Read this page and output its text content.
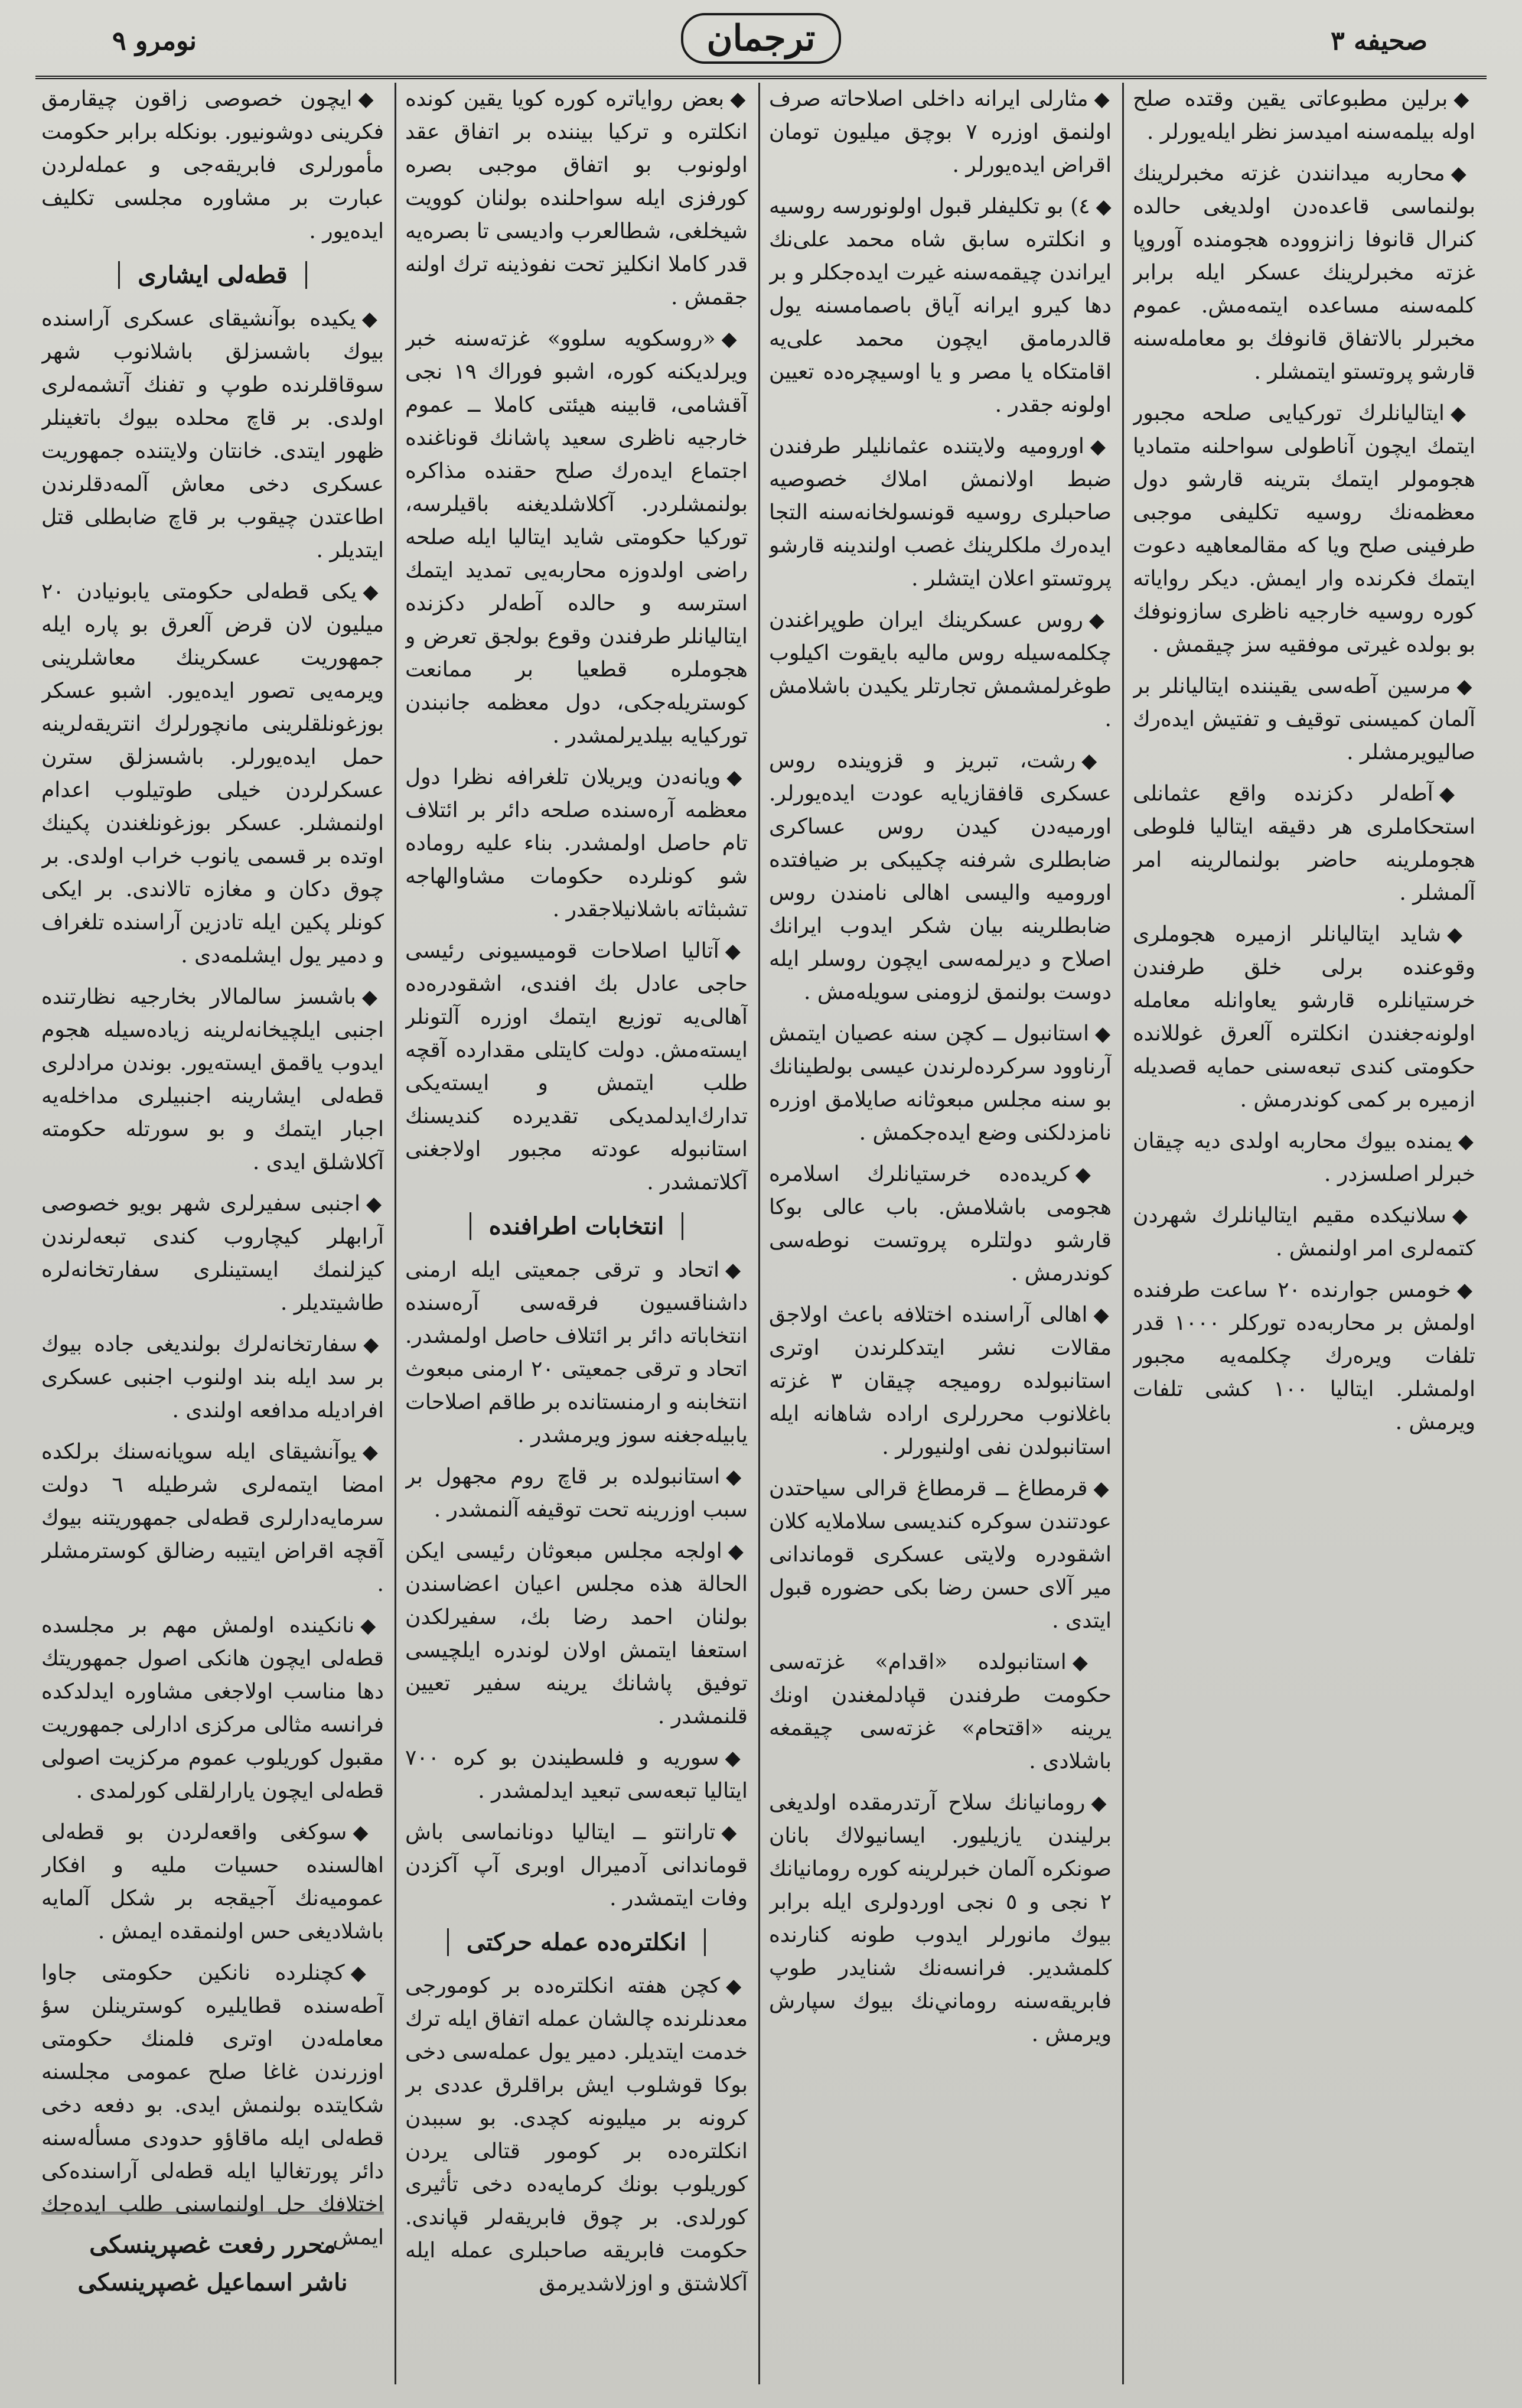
نومرو ٩	ترجمان	صحيفه ٣

◆برلين مطبوعاتی يقين وقتده صلح اوله بيلمه‌سنه اميدسز نظر ايله‌يورلر .

◆محاربه ميدانندن غزته مخبرلرينك بولنماسی قاعده‌دن اولديغی حالده كنرال قانوفا زانزووده هجومنده آوروپا غزته مخبرلرينك عسكر ايله برابر كلمه‌سنه مساعده ايتمه‌مش. عموم مخبرلر بالاتفاق قانوفك بو معامله‌سنه قارشو پروتستو ايتمشلر .

◆ايتاليانلرك توركيايی صلحه مجبور ايتمك ايچون آناطولی سواحلنه متماديا هجومولر ايتمك بترينه قارشو دول معظمه‌نك روسيه تكليفی موجبی طرفينی صلح ويا كه مقالمعاهيه دعوت ايتمك فكرنده وار ايمش. ديكر رواياته كوره روسيه خارجيه ناظری سازونوفك بو بولده غيرتی موفقيه‌ سز چيقمش .

◆مرسين آطه‌سی يقيننده ايتاليانلر بر آلمان كميسنی توقيف و تفتيش ايده‌رك صاليويرمشلر .

◆آطه‌لر دكزنده واقع عثمانلی استحكاملری هر دقيقه ايتاليا فلوطی هجوملرينه حاضر بولنمالرينه امر آلمشلر .

◆شايد ايتاليانلر ازميره هجوملری وقوعنده برلی خلق طرفندن خرستيانلره قارشو يعاوانله معامله اولونه‌جغندن انكلتره آلعرق غوللانده حكومتی كندی تبعه‌سنی حمايه قصديله ازميره بر كمی كوندرمش .

◆يمنده بيوك محاربه اولدی ديه چيقان خبرلر اصلسزدر .

◆سلانيكده مقيم ايتاليانلرك شهردن كتمه‌لری امر اولنمش .

◆خومس جوارنده ٢٠ ساعت طرفنده اولمش بر محاربه‌ده توركلر ١٠٠٠ قدر تلفات ويره‌رك چكلمه‌يه مجبور اولمشلر. ايتاليا ١٠٠ كشی تلفات ويرمش .

◆مثارلی ايرانه داخلی اصلاحاته صرف اولنمق اوزره ٧ بوچق ميليون تومان اقراض ايده‌يورلر .

◆٤) بو تكليفلر قبول اولونورسه روسيه و انكلتره سابق شاه محمد علی‌نك ايراندن چيقمه‌سنه غيرت ايده‌جكلر و بر دها كيرو ايرانه آياق باصمامسنه يول قالدرمامق ايچون محمد علی‌يه اقامتكاه يا مصر و يا اوسيچره‌ده تعيين اولونه‌ جقدر .

◆اوروميه ولايتنده عثمانليلر طرفندن ضبط اولانمش املاك خصوصيه صاحبلری روسيه قونسولخانه‌سنه التجا ايده‌رك ملكلرينك غصب اولندينه قارشو پروتستو اعلان ايتشلر .

◆روس عسكرينك ايران طوپراغندن چكلمه‌سيله روس ماليه بايقوت اكيلوب طوغرلمشمش تجارتلر يكيدن باشلامش .

◆رشت، تبريز و قزوينده روس عسكری قافقازيايه عودت ايده‌يورلر. اورميه‌دن كيدن روس عساكری ضابطلری شرفنه چكيبكی بر ضيافتده اوروميه واليسی اهالی نامندن روس ضابطلرينه بيان شكر ايدوب ايرانك اصلاح و ديرلمه‌سی ايچون روسلر ايله دوست بولنمق لزومنی سويله‌مش .

◆استانبول ــ كچن سنه عصيان ايتمش آرناوود سركرده‌لرندن عيسی بولطينانك بو سنه مجلس مبعوثانه صايلامق اوزره نامزدلكنی وضع ايده‌جكمش .

◆كريده‌ده خرستيانلرك اسلامره هجومی باشلامش. باب عالی بوكا قارشو دولتلره پروتست نوطه‌سی كوندرمش .

◆اهالی آراسنده اختلافه باعث اولاجق مقالات نشر ايتدكلرندن اوتری استانبولده روميجه چيقان ٣ غزته باغلانوب محررلری اراده شاهانه ايله استانبولدن نفی اولنيورلر .

◆قرمطاغ ــ قرمطاغ قرالی سياحتدن عودتندن سوكره كنديسی سلاملايه كلان اشقودره ولايتی عسكری قوماندانی مير آلای حسن رضا بكی حضوره قبول ايتدی .

◆استانبولده «اقدام» غزته‌سی حكومت طرفندن قپادلمغندن اونك يرينه «اقتحام» غزته‌سی چيقمغه باشلادی .

◆رومانيانك سلاح آرتدرمقده اولديغی برليندن يازيليور. ايسانيولاك بانان صونكره آلمان خبرلرينه كوره رومانيانك ٢ نجی و ٥ نجی اوردولری ايله برابر بيوك مانورلر ايدوب طونه كنارنده كلمشدير. فرانسه‌نك شنايدر طوپ فابريقه‌سنه روماني‌نك بيوك سپارش ويرمش .

◆بعض رواياتره كوره كويا يقين كونده انكلتره و تركيا بيننده بر اتفاق عقد اولونوب بو اتفاق موجبی بصره كورفزی ايله سواحلنده بولنان كوويت شيخلغی، شطالعرب واديسی تا بصره‌يه قدر كاملا انكليز تحت نفوذينه ترك اولنه‌ جقمش .

◆«روسكويه سلوو» غزته‌سنه خبر ويرلديكنه كوره، اشبو فوراك ١٩ نجی آقشامی، قابينه هيئتی كاملا ــ عموم خارجيه ناظری سعيد پاشانك قوناغنده اجتماع ايده‌رك صلح حقنده مذاكره بولنمشلردر. آكلاشلديغنه باقيلرسه، توركيا حكومتی شايد ايتاليا ايله صلحه راضی اولدوزه محاربه‌يی تمديد ايتمك استرسه و حالده آطه‌لر دكزنده ايتاليانلر طرفندن وقوع بولجق تعرض و هجوملره قطعيا بر ممانعت كوستريله‌جكی، دول معظمه جانبندن توركيايه بيلديرلمشدر .

◆ويانه‌دن ويريلان تلغرافه نظرا دول معظمه آره‌سنده صلحه دائر بر ائتلاف تام حاصل اولمشدر. بناء عليه روماده شو كونلرده حكومات مشاوالهاجه تشبثاته باشلانيلاجقدر .

◆آتاليا اصلاحات قوميسيونی رئيسی حاجی عادل بك افندی، اشقودره‌ده آهالی‌يه توزيع ايتمك اوزره آلتونلر ايسته‌مش. دولت كايتلی مقدارده آقچه طلب ايتمش و ايسته‌يكی تدارك‌ايدلمديكی تقديرده كنديسنك استانبوله عودته مجبور اولاجغنی آكلاتمشدر .

انتخابات اطرافنده

◆اتحاد و ترقی جمعيتی ايله ارمنی داشناقسيون فرقه‌سی آره‌سنده انتخاباته دائر بر ائتلاف حاصل اولمشدر. اتحاد و ترقی جمعيتی ٢٠ ارمنی مبعوث انتخابنه و ارمنستانده بر طاقم اصلاحات يابيله‌جغنه سوز ويرمشدر .

◆استانبولده بر قاچ روم مجهول بر سبب اوزرينه تحت توقيفه آلنمشدر .

◆اولجه مجلس مبعوثان رئيسی ايكن الحالة هذه مجلس اعيان اعضاسندن بولنان احمد رضا بك، سفيرلكدن استعفا ايتمش اولان لوندره ايلچيسی توفيق پاشانك يرينه سفير تعيين قلنمشدر .

◆سوريه و فلسطيندن بو كره ٧٠٠ ايتاليا تبعه‌سی تبعيد ايدلمشدر .

◆تارانتو ــ ايتاليا دونانماسی باش قوماندانی آدميرال اوبری آپ آكزدن وفات ايتمشدر .

انكلتره‌ده عمله حركتی

◆كچن هفته انكلتره‌ده بر كومورجی معدنلرنده چالشان عمله اتفاق ايله ترك خدمت ايتديلر. دمير يول عمله‌سی دخی بوكا قوشلوب ايش براقلرق عددی بر كرونه بر ميليونه كچدی. بو سببدن انكلتره‌ده بر كومور قتالی يردن كوريلوب بونك كرمايه‌ده دخی تأثيری كورلدی. بر چوق فابريقه‌لر قپاندی. حكومت فابريقه صاحبلری عمله ايله آكلاشتق و اوزلاشديرمق

◆ايچون خصوصی زاقون چيقارمق فكرينی دوشونيور. بونكله برابر حكومت مأمورلری فابريقه‌جی و عمله‌لردن عبارت بر مشاوره مجلسی تكليف ايده‌يور .

قطه‌لی ايشاری

◆يكيده بوآنشيقای عسكری آراسنده بيوك باشسزلق باشلانوب شهر سوقاقلرنده طوپ و تفنك آتشمه‌لری اولدی. بر قاچ محلده بيوك باتغينلر ظهور ايتدی. خانتان ولايتنده جمهوريت عسكری دخی معاش آلمه‌دقلرندن اطاعتدن چيقوب بر قاچ ضابطلی قتل ايتديلر .

◆يكی قطه‌لی حكومتی يابونيادن ٢٠ ميليون لان قرض آلعرق بو پاره ايله جمهوريت عسكرينك معاشلرينی ويرمه‌يی تصور ايده‌يور. اشبو عسكر بوزغونلقلرينی مانچورلرك انتريقه‌لرينه حمل ايده‌يورلر. باشسزلق سترن عسكرلردن خيلی طوتيلوب اعدام اولنمشلر. عسكر بوزغونلغندن پكينك اوتده بر قسمی يانوب خراب اولدی. بر چوق دكان و مغازه تالاندی. بر ايكی كونلر پكين ايله تادزين آراسنده تلغراف و دمير يول ايشلمه‌دی .

◆باشسز سالمالار بخارجيه نظارتنده اجنبی ايلچيخانه‌لرينه زياده‌سيله هجوم ايدوب ياقمق ايسته‌يور. بوندن مراد‌لری قطه‌لی ايشارينه اجنبيلری مداخله‌يه اجبار ايتمك و بو سورتله حكومته آكلاشلق ايدی .

◆اجنبی سفيرلری شهر بويو خصوصی آرابهلر كيچاروب كندی تبعه‌لرندن كيزلنمك ايستينلری سفارتخانه‌لره طاشيتديلر .

◆سفارتخانه‌لرك بولنديغی جاده بيوك بر سد ايله بند اولنوب اجنبی عسكری افراديله مدافعه اولندی .

◆يوآنشيقای ايله سويانه‌سنك برلكده امضا ايتمه‌لری شرطيله ٦ دولت سرمايه‌دارلری قطه‌لی جمهوريتنه بيوك آقچه اقراض ايتيبه رضالق كوسترمشلر .

◆نانكينده اولمش مهم بر مجلسده قطه‌لی ايچون هانكی اصول جمهوريتك دها مناسب اولاجغی مشاوره ايدلدكده فرانسه مثالی مركزی ادارلی جمهوريت مقبول كوريلوب عموم مركزيت اصولی قطه‌لی ايچون يارارلقلی كورلمدی .

◆سوكغی واقعه‌لردن بو قطه‌لی اهالسنده حسيات مليه و افكار عموميه‌نك آجيقجه بر شكل آلمايه باشلاديغی حس اولنمقده ايمش .

◆كچنلرده نانكين حكومتی جاوا آطه‌سنده قطايليره كوسترينلن سؤ معامله‌دن اوتری فلمنك حكومتی اوزرندن غاغا صلح عمومی مجلسنه شكايتده بولنمش ايدی. بو دفعه دخی قطه‌لی ايله ماقاؤو حدودی مسأله‌سنه دائر پورتغاليا ايله قطه‌لی آراسنده‌كی اختلافك حل اولنماسنی طلب ايده‌جك ايمش .

محرر رفعت غصپرينسكی
ناشر اسماعيل غصپرينسكی
